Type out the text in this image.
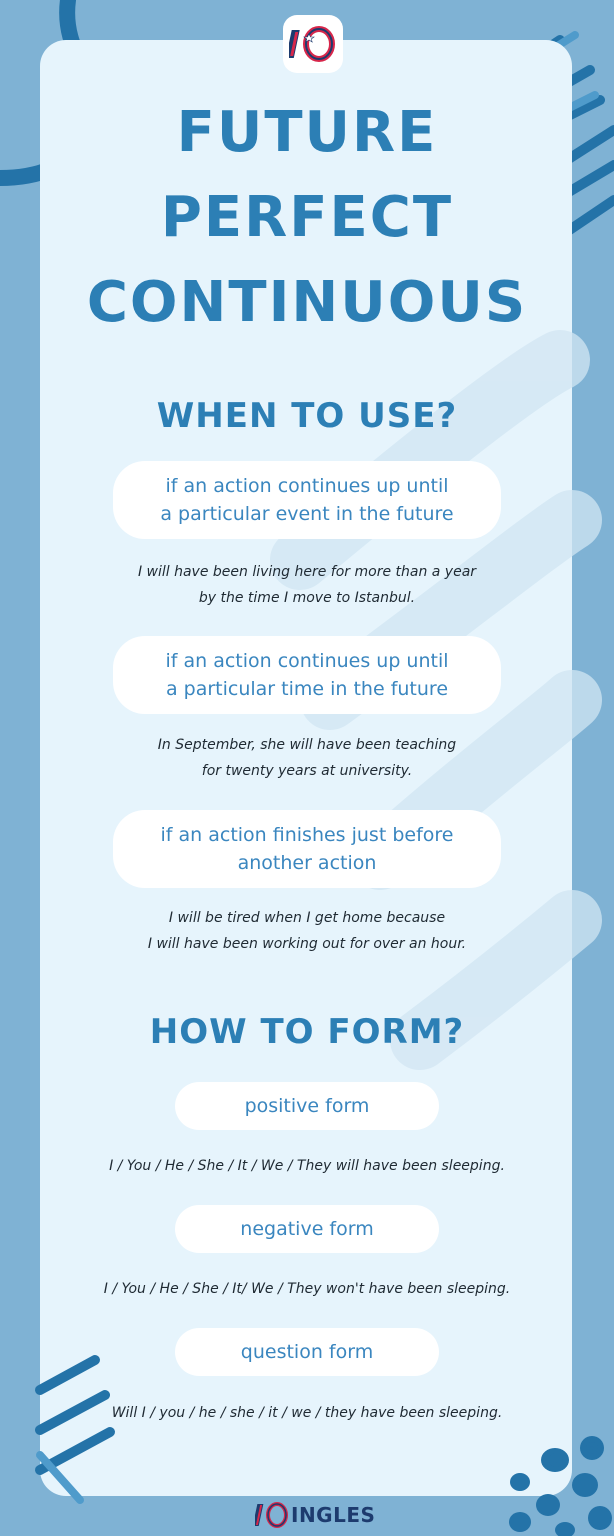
FUTURE
PERFECT
CONTINUOUS
WHEN TO USE?
if an action continues up until
a particular event in the future
I will have been living here for more than a year
by the time I move to Istanbul.
if an action continues up until
a particular time in the future
In September, she will have been teaching
for twenty years at university.
if an action finishes just before
another action
I will be tired when I get home because
I will have been working out for over an hour.
HOW TO FORM?
positive form
I / You / He / She / It / We / They will have been sleeping.
negative form
I / You / He / She / It/ We / They won't have been sleeping.
question form
Will I / you / he / she / it / we / they have been sleeping.
INGLES
